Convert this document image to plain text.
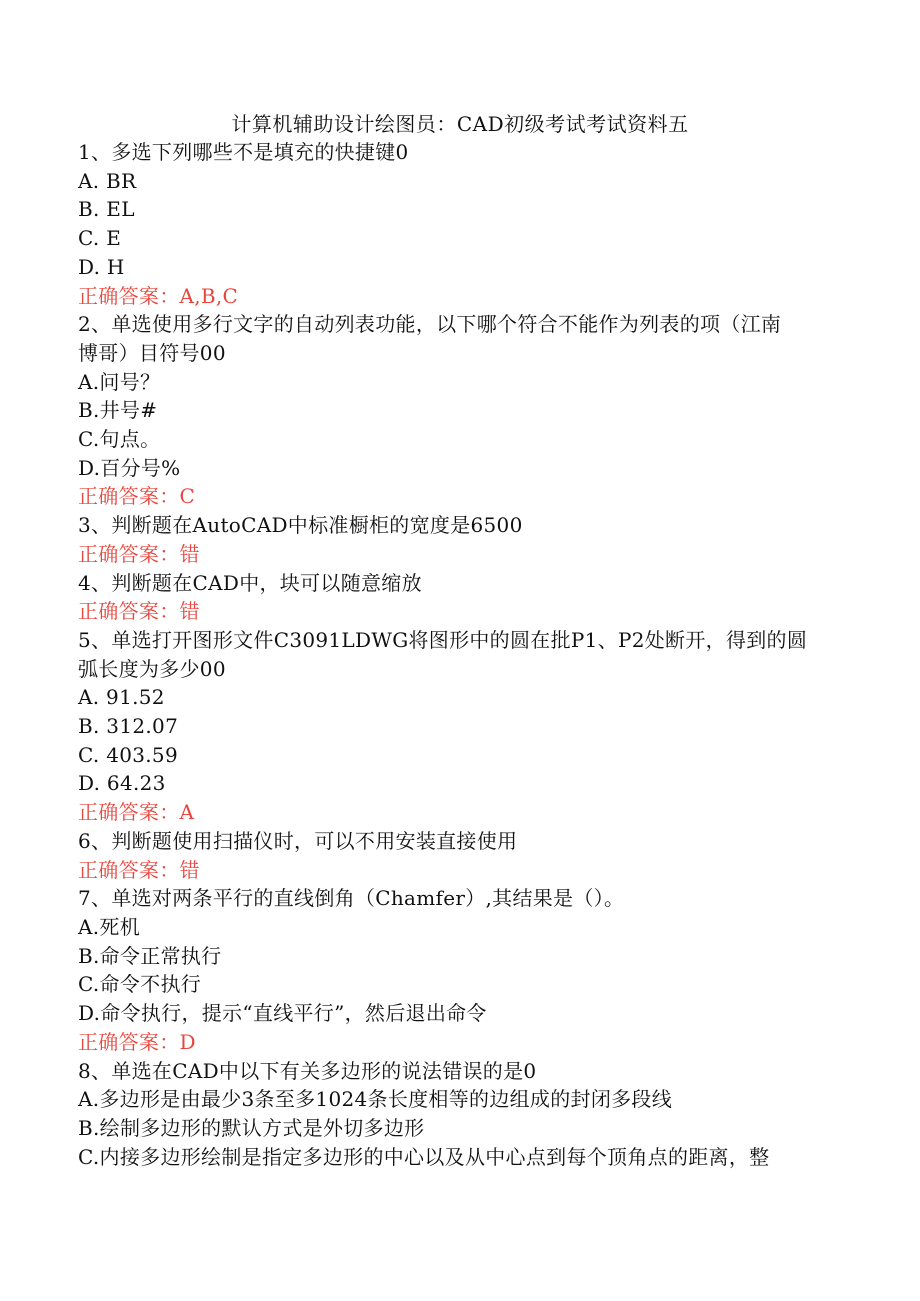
计算机辅助设计绘图员：CAD初级考试考试资料五
1、多选下列哪些不是填充的快捷键0
A. BR
B. EL
C. E
D. H
正确答案：A,B,C
2、单选使用多行文字的自动列表功能，以下哪个符合不能作为列表的项（江南
博哥）目符号00
A.问号？
B.井号#
C.句点。
D.百分号%
正确答案：C
3、判断题在AutoCAD中标准橱柜的宽度是6500
正确答案：错
4、判断题在CAD中，块可以随意缩放
正确答案：错
5、单选打开图形文件C3091LDWG将图形中的圆在批P1、P2处断开，得到的圆
弧长度为多少00
A. 91.52
B. 312.07
C. 403.59
D. 64.23
正确答案：A
6、判断题使用扫描仪时，可以不用安装直接使用
正确答案：错
7、单选对两条平行的直线倒角（Chamfer）,其结果是（）。
A.死机
B.命令正常执行
C.命令不执行
D.命令执行，提示“直线平行”，然后退出命令
正确答案：D
8、单选在CAD中以下有关多边形的说法错误的是0
A.多边形是由最少3条至多1024条长度相等的边组成的封闭多段线
B.绘制多边形的默认方式是外切多边形
C.内接多边形绘制是指定多边形的中心以及从中心点到每个顶角点的距离，整
